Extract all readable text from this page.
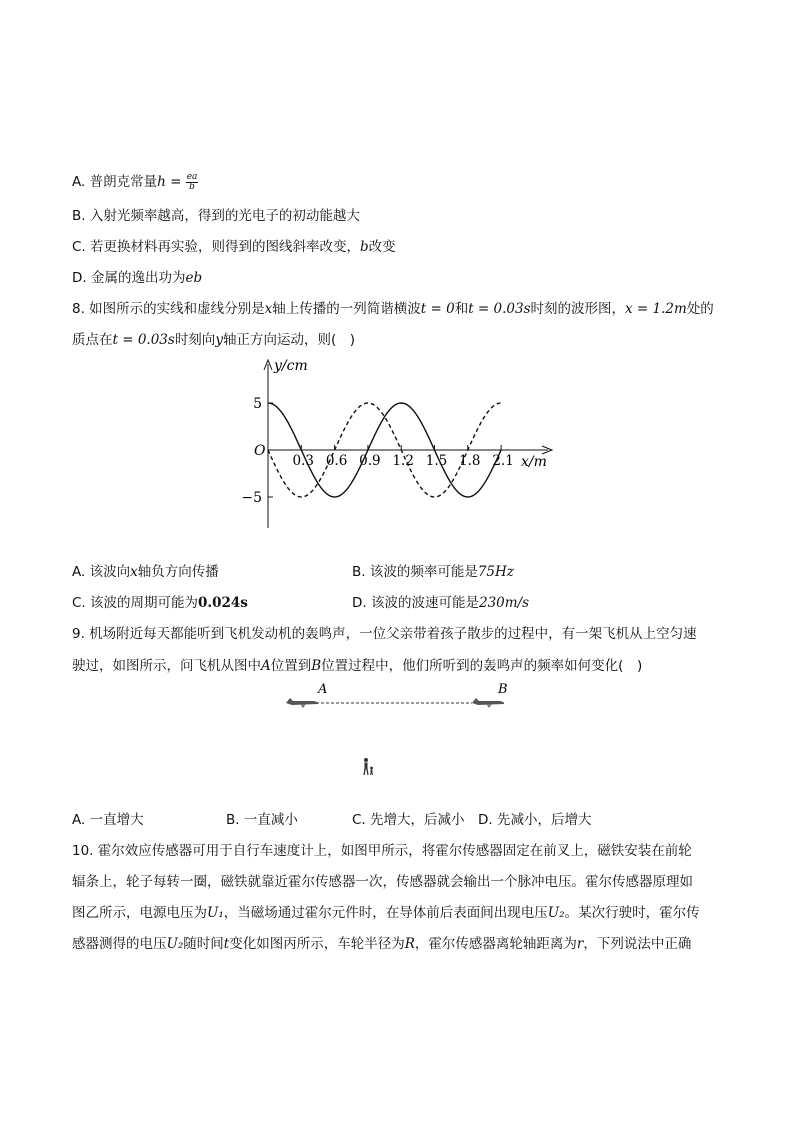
A. 普朗克常量$h = \frac{ea}{b}$
B. 入射光频率越高，得到的光电子的初动能越大
C. 若更换材料再实验，则得到的图线斜率改变，b改变
D. 金属的逸出功为eb
8. 如图所示的实线和虚线分别是x轴上传播的一列简谐横波t = 0和t = 0.03s时刻的波形图，x = 1.2m处的
质点在t = 0.03s时刻向y轴正方向运动，则(　)
y/cm
x/m
O
5
−5
0.3 0.6 0.9 1.2 1.5 1.8 2.1
A. 该波向x轴负方向传播	B. 该波的频率可能是75Hz
C. 该波的周期可能为0.024s	D. 该波的波速可能是230m/s
9. 机场附近每天都能听到飞机发动机的轰鸣声，一位父亲带着孩子散步的过程中，有一架飞机从上空匀速
驶过，如图所示，问飞机从图中A位置到B位置过程中，他们所听到的轰鸣声的频率如何变化(　)
A	B
A. 一直增大	B. 一直减小	C. 先增大，后减小 D. 先减小，后增大
10. 霍尔效应传感器可用于自行车速度计上，如图甲所示，将霍尔传感器固定在前叉上，磁铁安装在前轮
辐条上，轮子每转一圈，磁铁就靠近霍尔传感器一次，传感器就会输出一个脉冲电压。霍尔传感器原理如
图乙所示，电源电压为U₁，当磁场通过霍尔元件时，在导体前后表面间出现电压U₂。某次行驶时，霍尔传
感器测得的电压U₂随时间t变化如图丙所示，车轮半径为R，霍尔传感器离轮轴距离为r，下列说法中正确
